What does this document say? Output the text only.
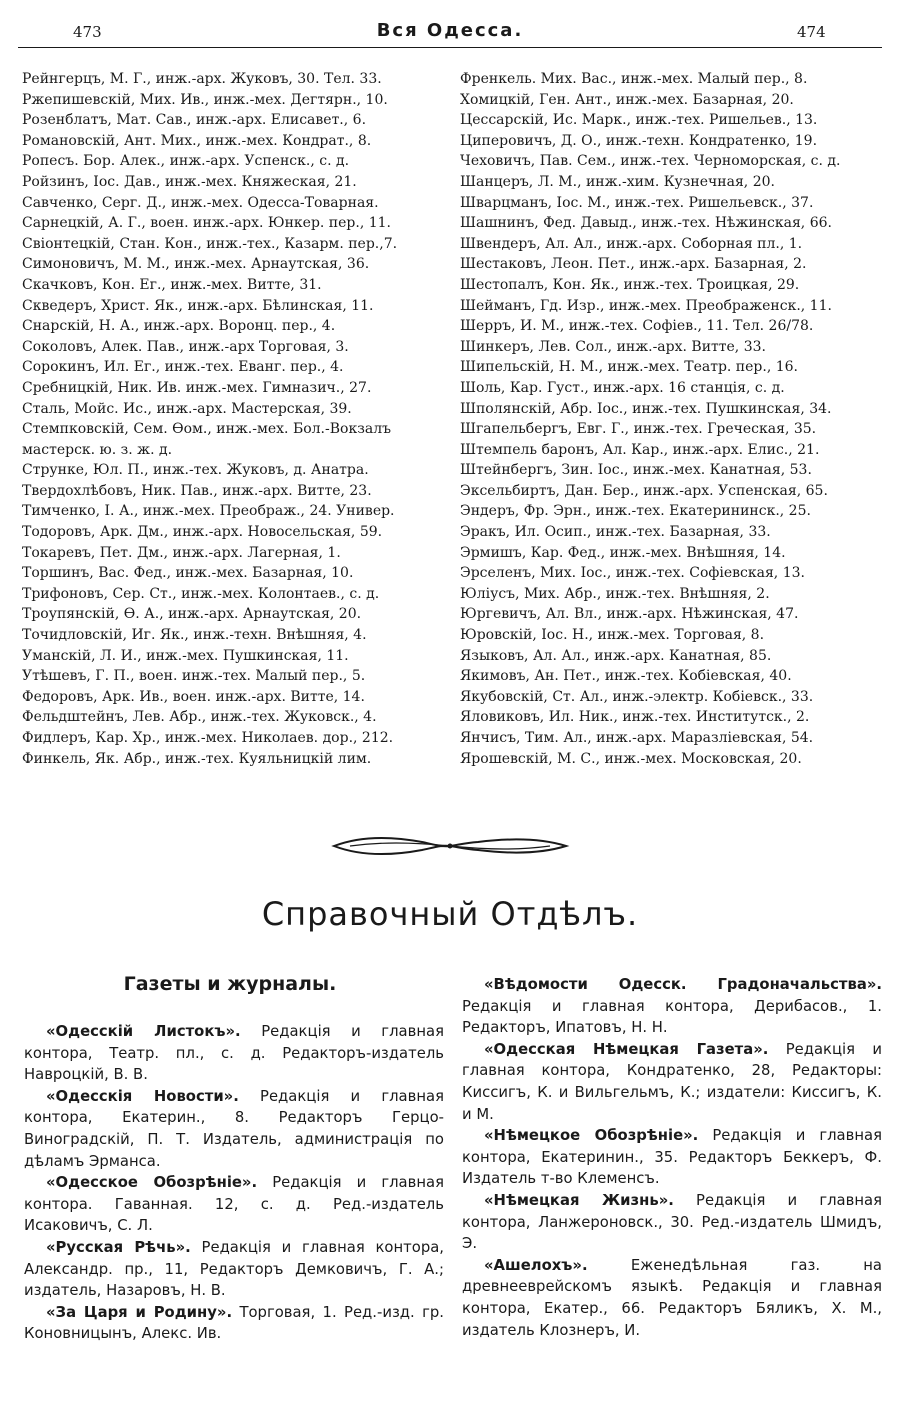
473	Вся Одесса.	474
Рейнгерцъ, М. Г., инж.-арх. Жуковъ, 30. Тел. 33.
Ржепишевскій, Мих. Ив., инж.-мех. Дегтярн., 10.
Розенблатъ, Мат. Сав., инж.-арх. Елисавет., 6.
Романовскій, Ант. Мих., инж.-мех. Кондрат., 8.
Ропесъ. Бор. Алек., инж.-арх. Успенск., с. д.
Ройзинъ, Іос. Дав., инж.-мех. Княжеская, 21.
Савченко, Серг. Д., инж.-мех. Одесса-Товарная.
Сарнецкій, А. Г., воен. инж.-арх. Юнкер. пер., 11.
Свіонтецкій, Стан. Кон., инж.-тех., Казарм. пер.,7.
Симоновичъ, М. М., инж.-мех. Арнаутская, 36.
Скачковъ, Кон. Ег., инж.-мех. Витте, 31.
Скведеръ, Христ. Як., инж.-арх. Бѣлинская, 11.
Снарскій, Н. А., инж.-арх. Воронц. пер., 4.
Соколовъ, Алек. Пав., инж.-арх Торговая, 3.
Сорокинъ, Ил. Ег., инж.-тех. Еванг. пер., 4.
Сребницкій, Ник. Ив. инж.-мех. Гимназич., 27.
Сталь, Мойс. Ис., инж.-арх. Мастерская, 39.
Стемпковскій, Сем. Ѳом., инж.-мех. Бол.-Вокзалъ
мастерск. ю. з. ж. д.
Струнке, Юл. П., инж.-тех. Жуковъ, д. Анатра.
Твердохлѣбовъ, Ник. Пав., инж.-арх. Витте, 23.
Тимченко, І. А., инж.-мех. Преображ., 24. Универ.
Тодоровъ, Арк. Дм., инж.-арх. Новосельская, 59.
Токаревъ, Пет. Дм., инж.-арх. Лагерная, 1.
Торшинъ, Вас. Фед., инж.-мех. Базарная, 10.
Трифоновъ, Сер. Ст., инж.-мех. Колонтаев., с. д.
Троупянскій, Ѳ. А., инж.-арх. Арнаутская, 20.
Точидловскій, Иг. Як., инж.-техн. Внѣшняя, 4.
Уманскій, Л. И., инж.-мех. Пушкинская, 11.
Утѣшевъ, Г. П., воен. инж.-тех. Малый пер., 5.
Федоровъ, Арк. Ив., воен. инж.-арх. Витте, 14.
Фельдштейнъ, Лев. Абр., инж.-тех. Жуковск., 4.
Фидлеръ, Кар. Хр., инж.-мех. Николаев. дор., 212.
Финкель, Як. Абр., инж.-тех. Куяльницкій лим.
Френкель. Мих. Вас., инж.-мех. Малый пер., 8.
Хомицкій, Ген. Ант., инж.-мех. Базарная, 20.
Цессарскій, Ис. Марк., инж.-тех. Ришельев., 13.
Циперовичъ, Д. О., инж.-техн. Кондратенко, 19.
Чеховичъ, Пав. Сем., инж.-тех. Черноморская, с. д.
Шанцеръ, Л. М., инж.-хим. Кузнечная, 20.
Шварцманъ, Іос. М., инж.-тех. Ришельевск., 37.
Шашнинъ, Фед. Давыд., инж.-тех. Нѣжинская, 66.
Швендеръ, Ал. Ал., инж.-арх. Соборная пл., 1.
Шестаковъ, Леон. Пет., инж.-арх. Базарная, 2.
Шестопалъ, Кон. Як., инж.-тех. Троицкая, 29.
Шейманъ, Гд. Изр., инж.-мех. Преображенск., 11.
Шерръ, И. М., инж.-тех. Софіев., 11. Тел. 26/78.
Шинкеръ, Лев. Сол., инж.-арх. Витте, 33.
Шипельскій, Н. М., инж.-мех. Театр. пер., 16.
Шоль, Кар. Густ., инж.-арх. 16 станція, с. д.
Шполянскій, Абр. Іос., инж.-тех. Пушкинская, 34.
Шгапельбергъ, Евг. Г., инж.-тех. Греческая, 35.
Штемпель баронъ, Ал. Кар., инж.-арх. Елис., 21.
Штейнбергъ, Зин. Іос., инж.-мех. Канатная, 53.
Эксельбиртъ, Дан. Бер., инж.-арх. Успенская, 65.
Эндеръ, Фр. Эрн., инж.-тех. Екатерининск., 25.
Эракъ, Ил. Осип., инж.-тех. Базарная, 33.
Эрмишъ, Кар. Фед., инж.-мех. Внѣшняя, 14.
Эрселенъ, Мих. Іос., инж.-тех. Софіевская, 13.
Юліусъ, Мих. Абр., инж.-тех. Внѣшняя, 2.
Юргевичъ, Ал. Вл., инж.-арх. Нѣжинская, 47.
Юровскій, Іос. Н., инж.-мех. Торговая, 8.
Языковъ, Ал. Ал., инж.-арх. Канатная, 85.
Якимовъ, Ан. Пет., инж.-тех. Кобіевская, 40.
Якубовскій, Ст. Ал., инж.-электр. Кобіевск., 33.
Яловиковъ, Ил. Ник., инж.-тех. Институтск., 2.
Янчисъ, Тим. Ал., инж.-арх. Маразліевская, 54.
Ярошевскій, М. С., инж.-мех. Московская, 20.
Справочный Отдѣлъ.
Газеты и журналы.

«Одесскій Листокъ». Редакція и главная контора, Театр. пл., с. д. Редакторъ-издатель Навроцкій, В. В.

«Одесскія Новости». Редакція и главная контора, Екатерин., 8. Редакторъ Герцо-Виноградскій, П. Т. Издатель, администрація по дѣламъ Эрманса.

«Одесское Обозрѣніе». Редакція и главная контора. Гаванная. 12, с. д. Ред.-издатель Исаковичъ, С. Л.

«Русская Рѣчь». Редакція и главная контора, Александр. пр., 11, Редакторъ Демковичъ, Г. А.; издатель, Назаровъ, Н. В.

«За Царя и Родину». Торговая, 1. Ред.-изд. гр. Коновницынъ, Алекс. Ив.

«Вѣдомости Одесск. Градоначальства». Редакція и главная контора, Дерибасов., 1. Редакторъ, Ипатовъ, Н. Н.

«Одесская Нѣмецкая Газета». Редакція и главная контора, Кондратенко, 28, Редакторы: Киссигъ, К. и Вильгельмъ, К.; издатели: Киссигъ, К. и М.

«Нѣмецкое Обозрѣніе». Редакція и главная контора, Екатеринин., 35. Редакторъ Беккеръ, Ф. Издатель т-во Клеменсъ.

«Нѣмецкая Жизнь». Редакція и главная контора, Ланжероновск., 30. Ред.-издатель Шмидъ, Э.

«Ашелохъ». Еженедѣльная газ. на древнееврейскомъ языкѣ. Редакція и главная контора, Екатер., 66. Редакторъ Бяликъ, Х. М., издатель Клознеръ, И.
